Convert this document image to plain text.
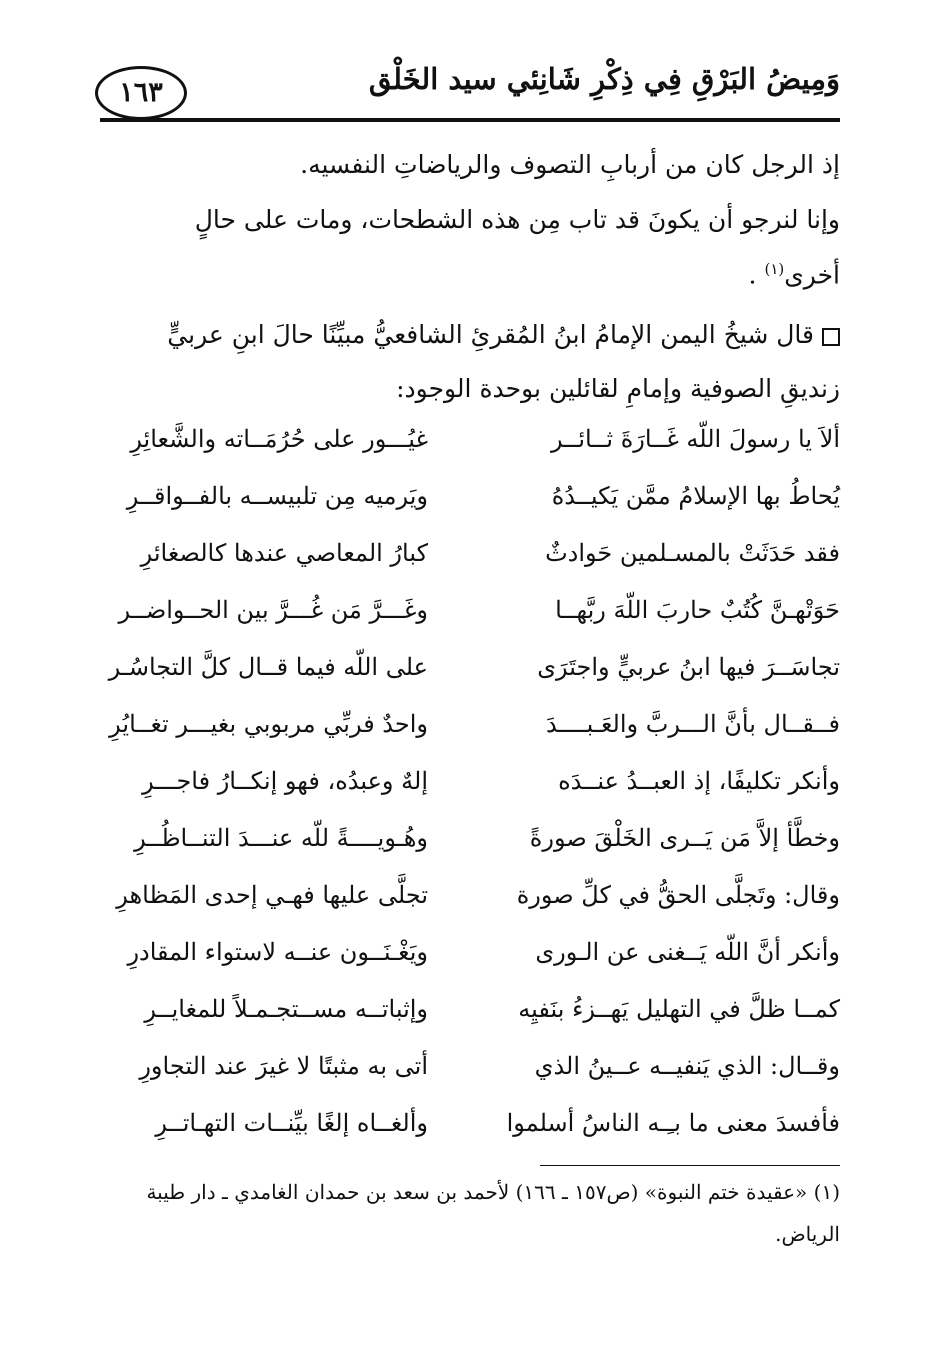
١٦٣	وَمِيضُ البَرْقِ فِي ذِكْرِ شَانِئي سيد الخَلْق
إذ الرجل كان من أربابِ التصوف والرياضاتِ النفسيه.
وإنا لنرجو أن يكونَ قد تاب مِن هذه الشطحات، ومات على حالٍ
أخرى$^{(١)}$ .
قال شيخُ اليمن الإمامُ ابنُ المُقرئِ الشافعيُّ مبيِّنًا حالَ ابنِ عربيٍّ
زنديقِ الصوفية وإمامِ لقائلين بوحدة الوجود:
ألاَ يا رسولَ اللّه غَــارَةَ ثــائــر
غيُـــور على حُرُمَــاته والشَّعائِرِ
يُحاطُ بها الإسلامُ ممَّن يَكيــدُهُ
ويَرميه مِن تلبيســه بالفــواقــرِ
فقد حَدَثَتْ بالمسـلمين حَوادثٌ
كبارُ المعاصي عندها كالصغائرِ
حَوَتْهـنَّ كُتُبٌ حاربَ اللّهَ ربَّهــا
وغَـــرَّ مَن غُـــرَّ بين الحــواضــر
تجاسَــرَ فيها ابنُ عربيٍّ واجتَرَى
على اللّه فيما قــال كلَّ التجاسُـر
فــقــال بأنَّ الـــربَّ والعَـبــــدَ
واحدٌ فربِّي مربوبي بغيـــر تغــايُرِ
وأنكر تكليفًا، إذ العبــدُ عنــدَه
إلهٌ وعبدُه، فهو إنكــارُ فاجـــرِ
وخطَّأ إلاَّ مَن يَــرى الخَلْقَ صورةً
وهُـويــــةً للّه عنـــدَ التنــاظُــرِ
وقال: وتَجلَّى الحقُّ في كلِّ صورة
تجلَّى عليها فهـي إحدى المَظاهرِ
وأنكر أنَّ اللّه يَــغنى عن الـورى
ويَغْـنَــون عنــه لاستواء المقادرِ
كمــا ظلَّ في التهليل يَهــزءُ بنَفيِه
وإثباتــه مســتجـمـلاً للمغايــرِ
وقــال: الذي يَنفيــه عــينُ الذي
أتى به مثبتًا لا غيرَ عند التجاورِ
فأفسدَ معنى ما بـِـه الناسُ أسلموا
وألغــاه إلغًا بيِّنــات التهـاتــرِ
(١) «عقيدة ختم النبوة» (ص١٥٧ ـ ١٦٦) لأحمد بن سعد بن حمدان الغامدي ـ دار طيبة
الرياض.
